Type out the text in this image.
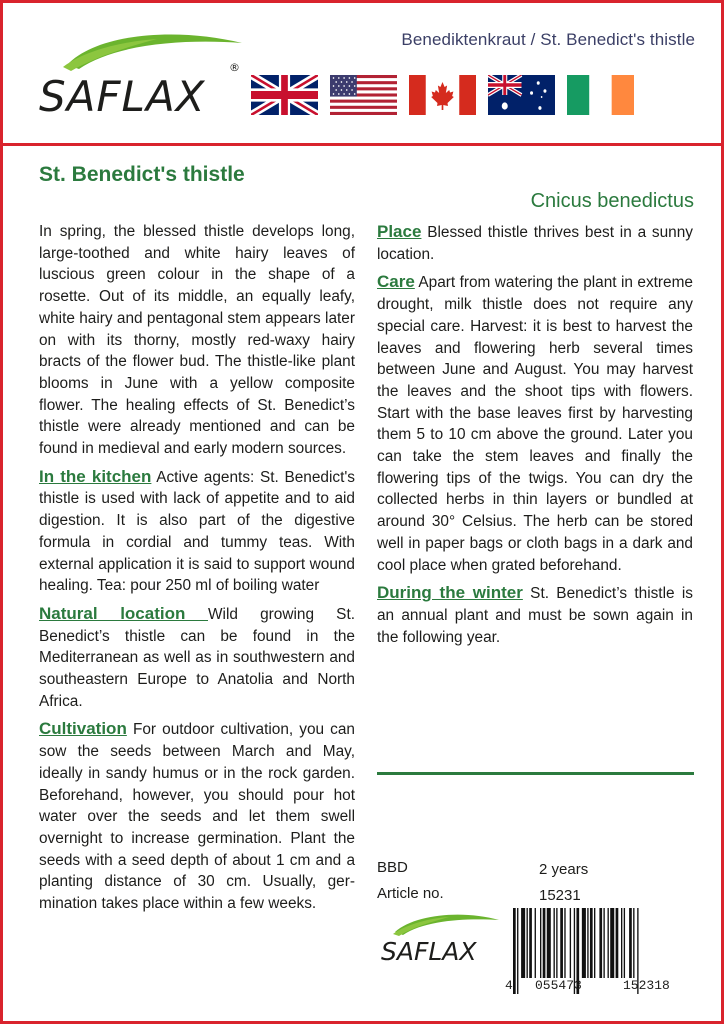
Benediktenkraut / St. Benedict's thistle
SAFLAX
®
St. Benedict's thistle
Cnicus benedictus

In spring, the blessed thistle develops long, large-toothed and white hairy leaves of luscious green colour in the shape of a rosette. Out of its middle, an equally leafy, white hairy and pentagonal stem appears later on with its thorny, mostly red-waxy hairy bracts of the flower bud. The thistle-like plant blooms in June with a yellow composite flower. The healing effects of St. Benedict’s thistle were already mentioned and can be found in medieval and early modern sources.

In the kitchen Active agents: St. Benedict's thistle is used with lack of appetite and to aid digestion. It is also part of the digestive formula in cordial and tummy teas. With external application it is said to support wound healing. Tea: pour 250 ml of boiling water

Natural location Wild growing St. Benedict’s thistle can be found in the Mediterranean as well as in southwestern and southeastern Europe to Anatolia and North Africa.

Cultivation For outdoor cultivation, you can sow the seeds between March and May, ideally in sandy humus or in the rock garden. Beforehand, however, you should pour hot water over the seeds and let them swell overnight to increase germination. Plant the seeds with a seed depth of about 1 cm and a planting distance of 30 cm. Usually, germination takes place within a few weeks.

Place Blessed thistle thrives best in a sunny location.

Care Apart from watering the plant in extreme drought, milk thistle does not require any special care. Harvest: it is best to harvest the leaves and flowering herb several times between June and August. You may harvest the leaves and the shoot tips with flowers. Start with the base leaves first by harvesting them 5 to 10 cm above the ground. Later you can take the stem leaves and finally the flowering tips of the twigs. You can dry the collected herbs in thin layers or bundled at around 30° Celsius. The herb can be stored well in paper bags or cloth bags in a dark and cool place when grated beforehand.

During the winter St. Benedict’s thistle is an annual plant and must be sown again in the following year.

BBD	2 years
Article no.	15231
SAFLAX
4 055473	152318
